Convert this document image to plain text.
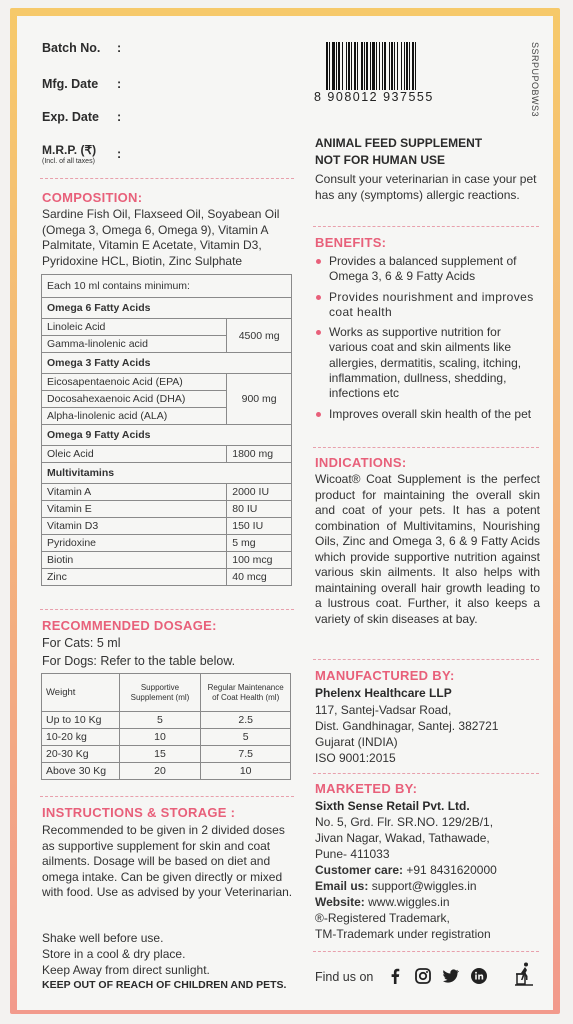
Batch No. :
Mfg. Date :
Exp. Date :
M.R.P. (₹)
(Incl. of all taxes)
:
8 908012 937555	SSRPUPOBWS3
COMPOSITION:
Sardine Fish Oil, Flaxseed Oil, Soyabean Oil (Omega 3, Omega 6, Omega 9), Vitamin A Palmitate, Vitamin E Acetate, Vitamin D3, Pyridoxine HCL, Biotin, Zinc Sulphate
Each 10 ml contains minimum:	
Omega 6 Fatty Acids	
Linoleic Acid	4500 mg
Gamma-linolenic acid	
Omega 3 Fatty Acids	
Eicosapentaenoic Acid (EPA)	900 mg
Docosahexaenoic Acid (DHA)	
Alpha-linolenic acid (ALA)	
Omega 9 Fatty Acids	
Oleic Acid	1800 mg
Multivitamins	
Vitamin A	2000 IU
Vitamin E	80 IU
Vitamin D3	150 IU
Pyridoxine	5 mg
Biotin	100 mcg
Zinc	40 mcg
RECOMMENDED DOSAGE:
For Cats: 5 ml
For Dogs: Refer to the table below.
Weight	Supportive Supplement (ml)	Regular Maintenance of Coat Health (ml)
Up to 10 Kg	5	2.5
10-20 kg	10	5
20-30 Kg	15	7.5
Above 30 Kg	20	10
INSTRUCTIONS & STORAGE :
Recommended to be given in 2 divided doses as supportive supplement for skin and coat ailments. Dosage will be based on diet and omega intake. Can be given directly or mixed with food. Use as advised by your Veterinarian.
Shake well before use.
Store in a cool & dry place.
Keep Away from direct sunlight.
KEEP OUT OF REACH OF CHILDREN AND PETS.
ANIMAL FEED SUPPLEMENT
NOT FOR HUMAN USE
Consult your veterinarian in case your pet has any (symptoms) allergic reactions.
BENEFITS:
Provides a balanced supplement of Omega 3, 6 & 9 Fatty Acids
Provides nourishment and improves coat health
Works as supportive nutrition for various coat and skin ailments like allergies, dermatitis, scaling, itching, inflammation, dullness, shedding, infections etc
Improves overall skin health of the pet
INDICATIONS:
Wicoat® Coat Supplement is the perfect product for maintaining the overall skin and coat of your pets. It has a potent combination of Multivitamins, Nourishing Oils, Zinc and Omega 3, 6 & 9 Fatty Acids which provide supportive nutrition against various skin ailments. It also helps with maintaining overall hair growth leading to a lustrous coat. Further, it also keeps a variety of skin diseases at bay.
MANUFACTURED BY:
Phelenx Healthcare LLP
117, Santej-Vadsar Road,
Dist. Gandhinagar, Santej. 382721
Gujarat (INDIA)
ISO 9001:2015
MARKETED BY:
Sixth Sense Retail Pvt. Ltd.
No. 5, Grd. Flr. SR.NO. 129/2B/1,
Jivan Nagar, Wakad, Tathawade,
Pune- 411033
Customer care: +91 8431620000
Email us: support@wiggles.in
Website: www.wiggles.in
®-Registered Trademark,
TM-Trademark under registration
Find us on
